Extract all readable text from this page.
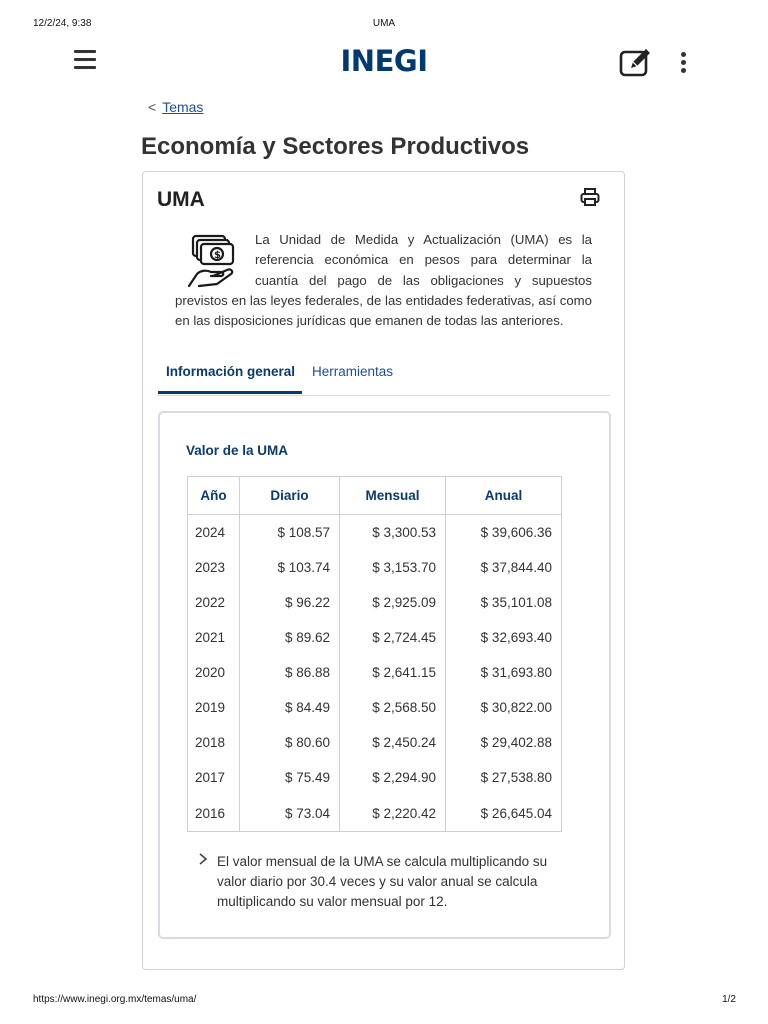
12/2/24, 9:38	UMA
INEGI
< Temas
Economía y Sectores Productivos
UMA

$
La Unidad de Medida y Actualización (UMA) es la referencia económica en pesos para determinar la cuantía del pago de las obligaciones y supuestos previstos en las leyes federales, de las entidades federativas, así como en las disposiciones jurídicas que emanen de todas las anteriores.

Información general Herramientas
Valor de la UMA
Año	Diario	Mensual	Anual
2024	$ 108.57	$ 3,300.53	$ 39,606.36
2023	$ 103.74	$ 3,153.70	$ 37,844.40
2022	$ 96.22	$ 2,925.09	$ 35,101.08
2021	$ 89.62	$ 2,724.45	$ 32,693.40
2020	$ 86.88	$ 2,641.15	$ 31,693.80
2019	$ 84.49	$ 2,568.50	$ 30,822.00
2018	$ 80.60	$ 2,450.24	$ 29,402.88
2017	$ 75.49	$ 2,294.90	$ 27,538.80
2016	$ 73.04	$ 2,220.42	$ 26,645.04
El valor mensual de la UMA se calcula multiplicando su valor diario por 30.4 veces y su valor anual se calcula multiplicando su valor mensual por 12.
https://www.inegi.org.mx/temas/uma/	1/2
